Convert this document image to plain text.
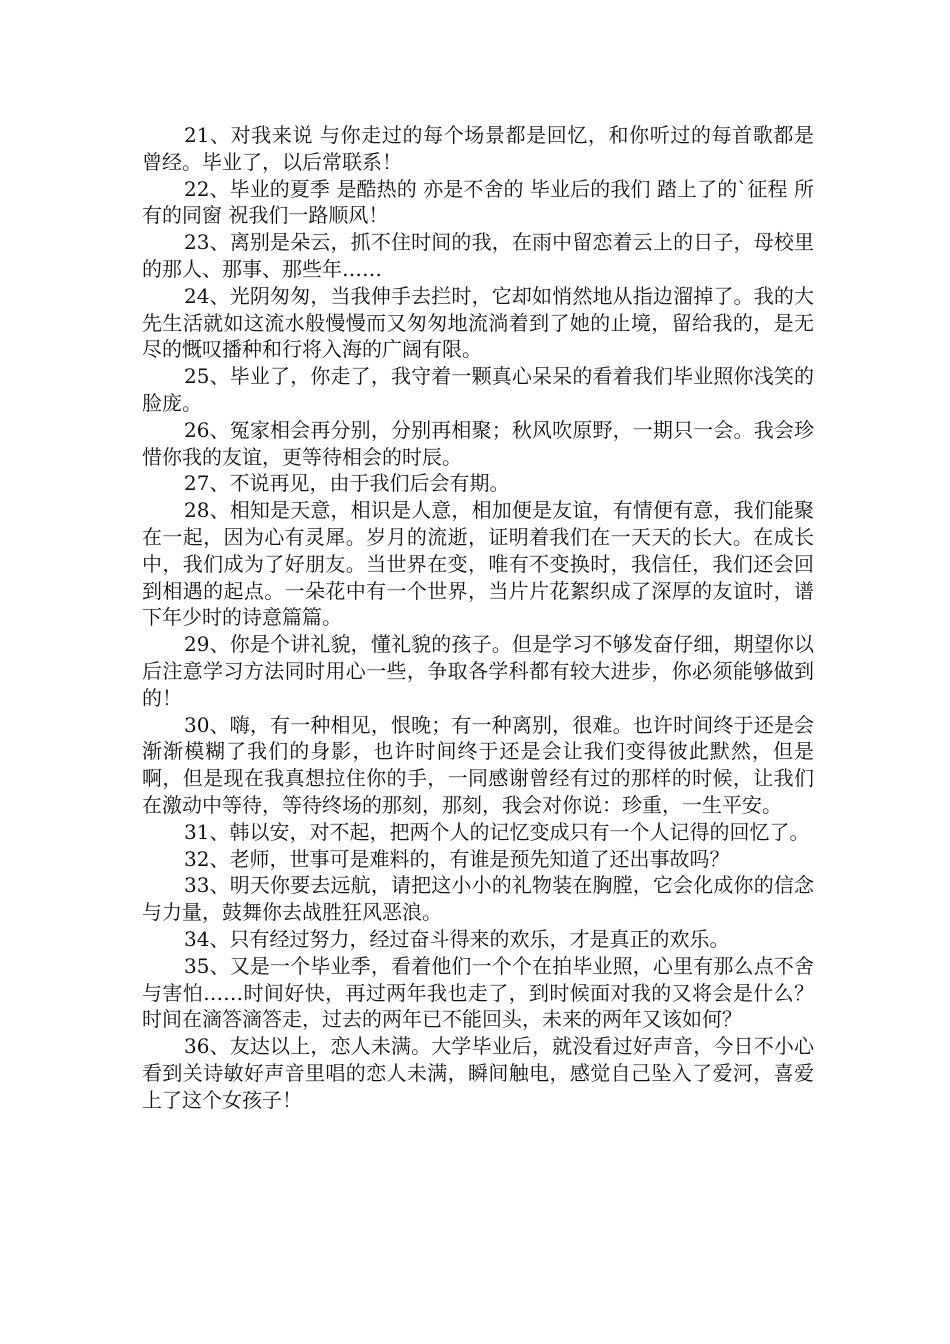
21、对我来说 与你走过的每个场景都是回忆，和你听过的每首歌都是曾经。毕业了，以后常联系！

22、毕业的夏季 是酷热的 亦是不舍的 毕业后的我们 踏上了的`征程 所有的同窗 祝我们一路顺风！

23、离别是朵云，抓不住时间的我，在雨中留恋着云上的日子，母校里的那人、那事、那些年……

24、光阴匆匆，当我伸手去拦时，它却如悄然地从指边溜掉了。我的大先生活就如这流水般慢慢而又匆匆地流淌着到了她的止境，留给我的，是无尽的慨叹播种和行将入海的广阔有限。

25、毕业了，你走了，我守着一颗真心呆呆的看着我们毕业照你浅笑的脸庞。

26、冤家相会再分别，分别再相聚；秋风吹原野，一期只一会。我会珍惜你我的友谊，更等待相会的时辰。

27、不说再见，由于我们后会有期。

28、相知是天意，相识是人意，相加便是友谊，有情便有意，我们能聚在一起，因为心有灵犀。岁月的流逝，证明着我们在一天天的长大。在成长中，我们成为了好朋友。当世界在变，唯有不变换时，我信任，我们还会回到相遇的起点。一朵花中有一个世界，当片片花絮织成了深厚的友谊时，谱下年少时的诗意篇篇。

29、你是个讲礼貌，懂礼貌的孩子。但是学习不够发奋仔细，期望你以后注意学习方法同时用心一些，争取各学科都有较大进步，你必须能够做到的！

30、嗨，有一种相见，恨晚；有一种离别，很难。也许时间终于还是会渐渐模糊了我们的身影，也许时间终于还是会让我们变得彼此默然，但是啊，但是现在我真想拉住你的手，一同感谢曾经有过的那样的时候，让我们在激动中等待，等待终场的那刻，那刻，我会对你说：珍重，一生平安。

31、韩以安，对不起，把两个人的记忆变成只有一个人记得的回忆了。

32、老师，世事可是难料的，有谁是预先知道了还出事故吗？

33、明天你要去远航，请把这小小的礼物装在胸膛，它会化成你的信念与力量，鼓舞你去战胜狂风恶浪。

34、只有经过努力，经过奋斗得来的欢乐，才是真正的欢乐。

35、又是一个毕业季，看着他们一个个在拍毕业照，心里有那么点不舍与害怕……时间好快，再过两年我也走了，到时候面对我的又将会是什么？时间在滴答滴答走，过去的两年已不能回头，未来的两年又该如何？

36、友达以上，恋人未满。大学毕业后，就没看过好声音，今日不小心看到关诗敏好声音里唱的恋人未满，瞬间触电，感觉自己坠入了爱河，喜爱上了这个女孩子！
